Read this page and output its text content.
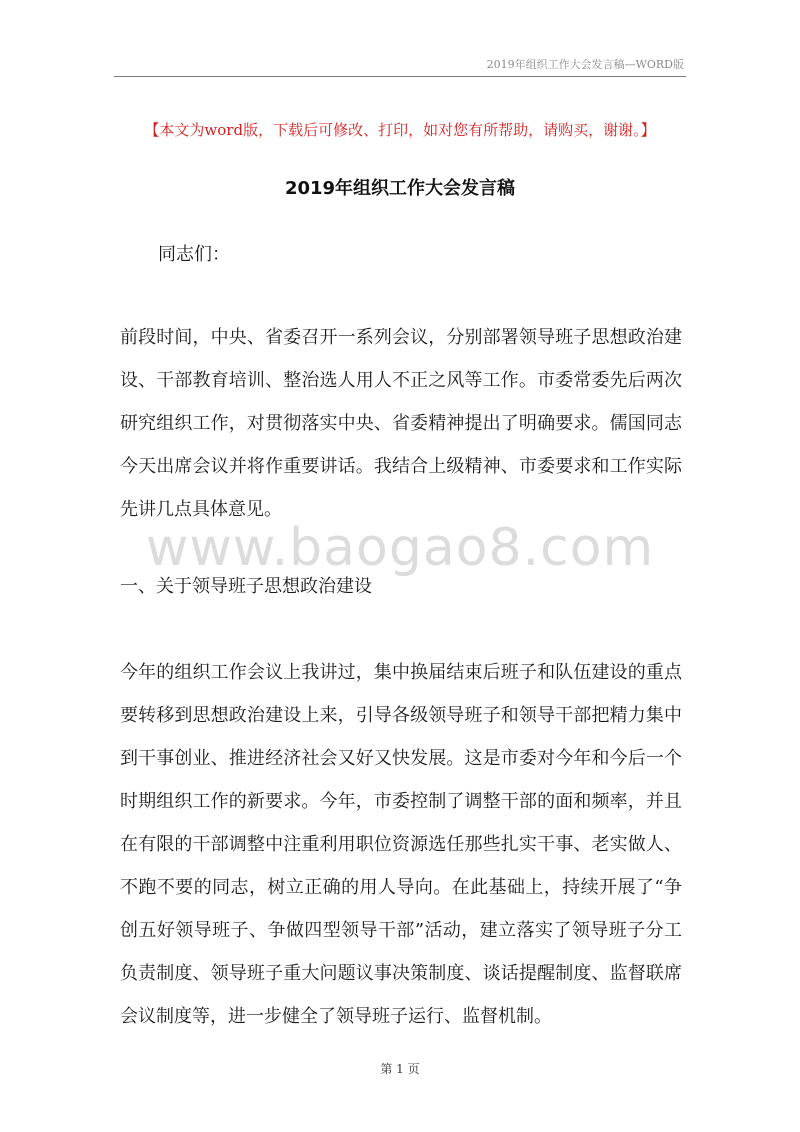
2019年组织工作大会发言稿—WORD版
【本文为word版，下载后可修改、打印，如对您有所帮助，请购买，谢谢。】
2019年组织工作大会发言稿
同志们：

前段时间，中央、省委召开一系列会议，分别部署领导班子思想政治建设、干部教育培训、整治选人用人不正之风等工作。市委常委先后两次研究组织工作，对贯彻落实中央、省委精神提出了明确要求。儒国同志今天出席会议并将作重要讲话。我结合上级精神、市委要求和工作实际先讲几点具体意见。

www.baogao8.com
一、关于领导班子思想政治建设

今年的组织工作会议上我讲过，集中换届结束后班子和队伍建设的重点要转移到思想政治建设上来，引导各级领导班子和领导干部把精力集中到干事创业、推进经济社会又好又快发展。这是市委对今年和今后一个时期组织工作的新要求。今年，市委控制了调整干部的面和频率，并且在有限的干部调整中注重利用职位资源选任那些扎实干事、老实做人、不跑不要的同志，树立正确的用人导向。在此基础上，持续开展了“争创五好领导班子、争做四型领导干部”活动，建立落实了领导班子分工负责制度、领导班子重大问题议事决策制度、谈话提醒制度、监督联席会议制度等，进一步健全了领导班子运行、监督机制。

第 1 页
